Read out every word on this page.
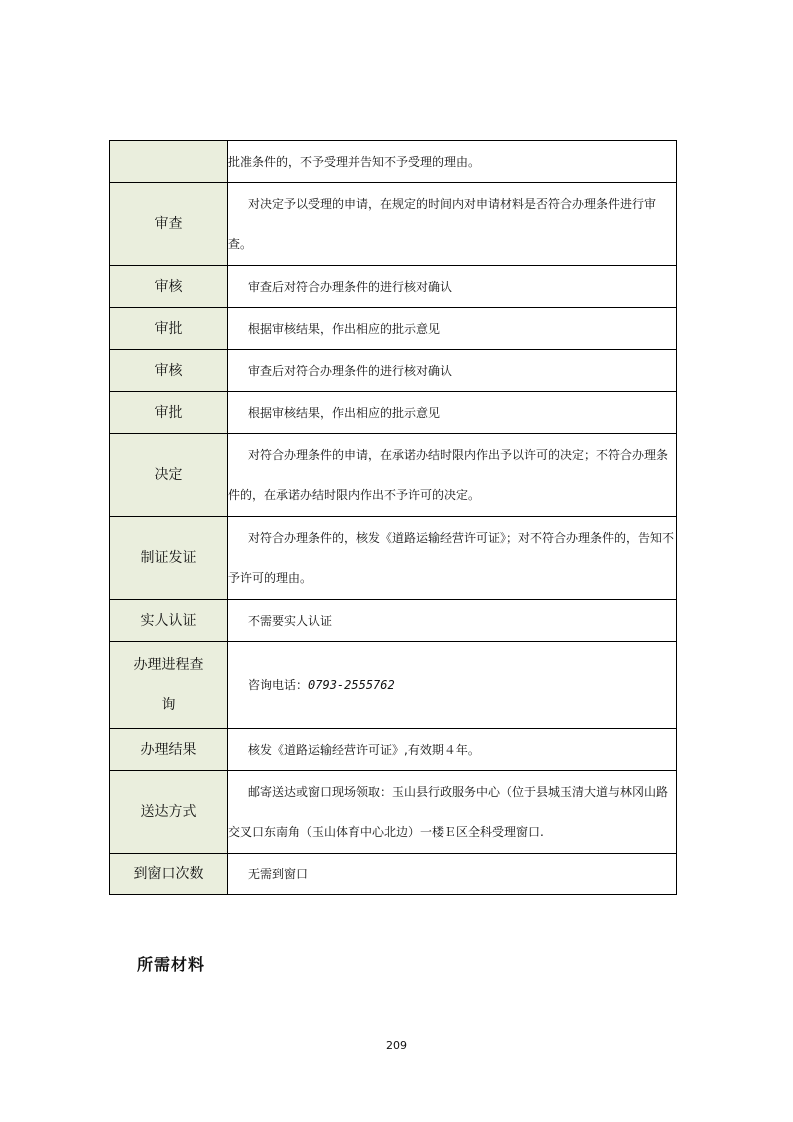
	批准条件的，不予受理并告知不予受理的理由。
审查	对决定予以受理的申请，在规定的时间内对申请材料是否符合办理条件进行审查。
审核	审查后对符合办理条件的进行核对确认
审批	根据审核结果，作出相应的批示意见
审核	审查后对符合办理条件的进行核对确认
审批	根据审核结果，作出相应的批示意见
决定	对符合办理条件的申请，在承诺办结时限内作出予以许可的决定；不符合办理条件的，在承诺办结时限内作出不予许可的决定。
制证发证	对符合办理条件的，核发《道路运输经营许可证》；对不符合办理条件的，告知不予许可的理由。
实人认证	不需要实人认证
办理进程查询	咨询电话：0793-2555762
办理结果	核发《道路运输经营许可证》,有效期４年。
送达方式	邮寄送达或窗口现场领取：玉山县行政服务中心（位于县城玉清大道与林冈山路交叉口东南角（玉山体育中心北边）一楼Ｅ区全科受理窗口.
到窗口次数	无需到窗口
所需材料
209
